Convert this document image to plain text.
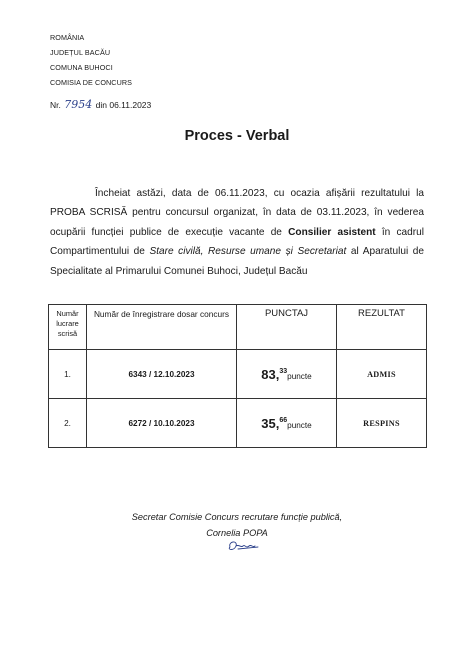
ROMÂNIA
JUDEȚUL BACĂU
COMUNA BUHOCI
COMISIA DE CONCURS
Nr. 7954 din 06.11.2023
Proces - Verbal
Încheiat astăzi, data de 06.11.2023, cu ocazia afișării rezultatului la PROBA SCRISĂ pentru concursul organizat, în data de 03.11.2023, în vederea ocupării funcției publice de execuție vacante de Consilier asistent în cadrul Compartimentului de Stare civilă, Resurse umane și Secretariat al Aparatului de Specialitate al Primarului Comunei Buhoci, Județul Bacău
Număr lucrare scrisă	Număr de înregistrare dosar concurs	PUNCTAJ	REZULTAT
1.	6343 / 12.10.2023	83,33puncte	ADMIS
2.	6272 / 10.10.2023	35,66puncte	RESPINS
Secretar Comisie Concurs recrutare funcție publică,
Cornelia POPA
